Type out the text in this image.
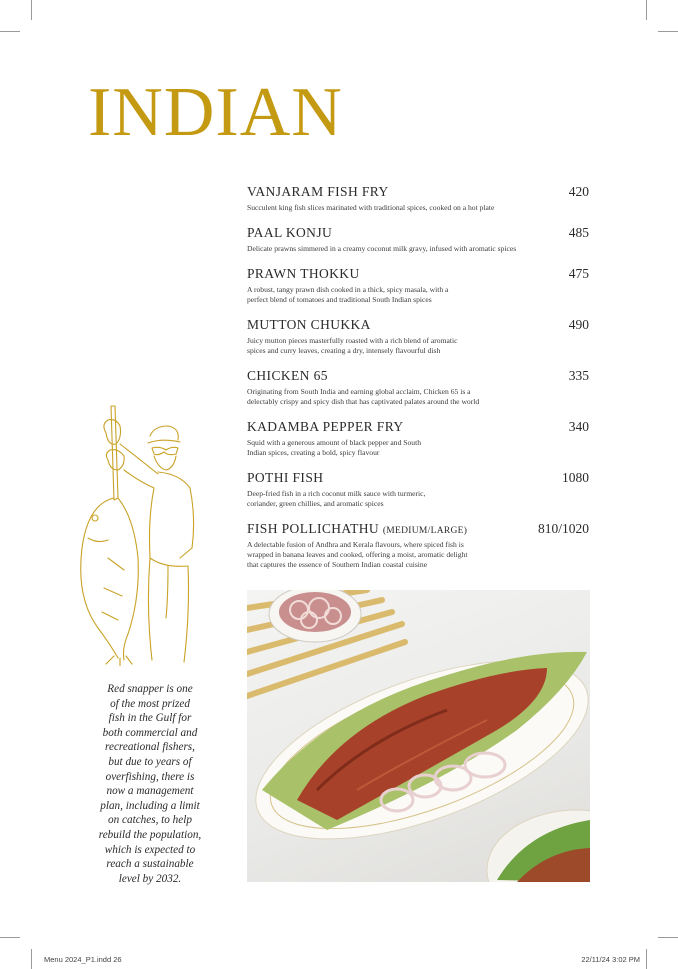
INDIAN
VANJARAM FISH FRY	420
Succulent king fish slices marinated with traditional spices, cooked on a hot plate
PAAL KONJU	485
Delicate prawns simmered in a creamy coconut milk gravy, infused with aromatic spices
PRAWN THOKKU	475
A robust, tangy prawn dish cooked in a thick, spicy masala, with a
perfect blend of tomatoes and traditional South Indian spices
MUTTON CHUKKA	490
Juicy mutton pieces masterfully roasted with a rich blend of aromatic
spices and curry leaves, creating a dry, intensely flavourful dish
CHICKEN 65	335
Originating from South India and earning global acclaim, Chicken 65 is a
delectably crispy and spicy dish that has captivated palates around the world
KADAMBA PEPPER FRY	340
Squid with a generous amount of black pepper and South
Indian spices, creating a bold, spicy flavour
POTHI FISH	1080
Deep-fried fish in a rich coconut milk sauce with turmeric,
coriander, green chillies, and aromatic spices
FISH POLLICHATHU (MEDIUM/LARGE)	810/1020
A delectable fusion of Andhra and Kerala flavours, where spiced fish is
wrapped in banana leaves and cooked, offering a moist, aromatic delight
that captures the essence of Southern Indian coastal cuisine
Red snapper is one
of the most prized
fish in the Gulf for
both commercial and
recreational fishers,
but due to years of
overfishing, there is
now a management
plan, including a limit
on catches, to help
rebuild the population,
which is expected to
reach a sustainable
level by 2032.
Menu 2024_P1.indd 26	22/11/24 3:02 PM
